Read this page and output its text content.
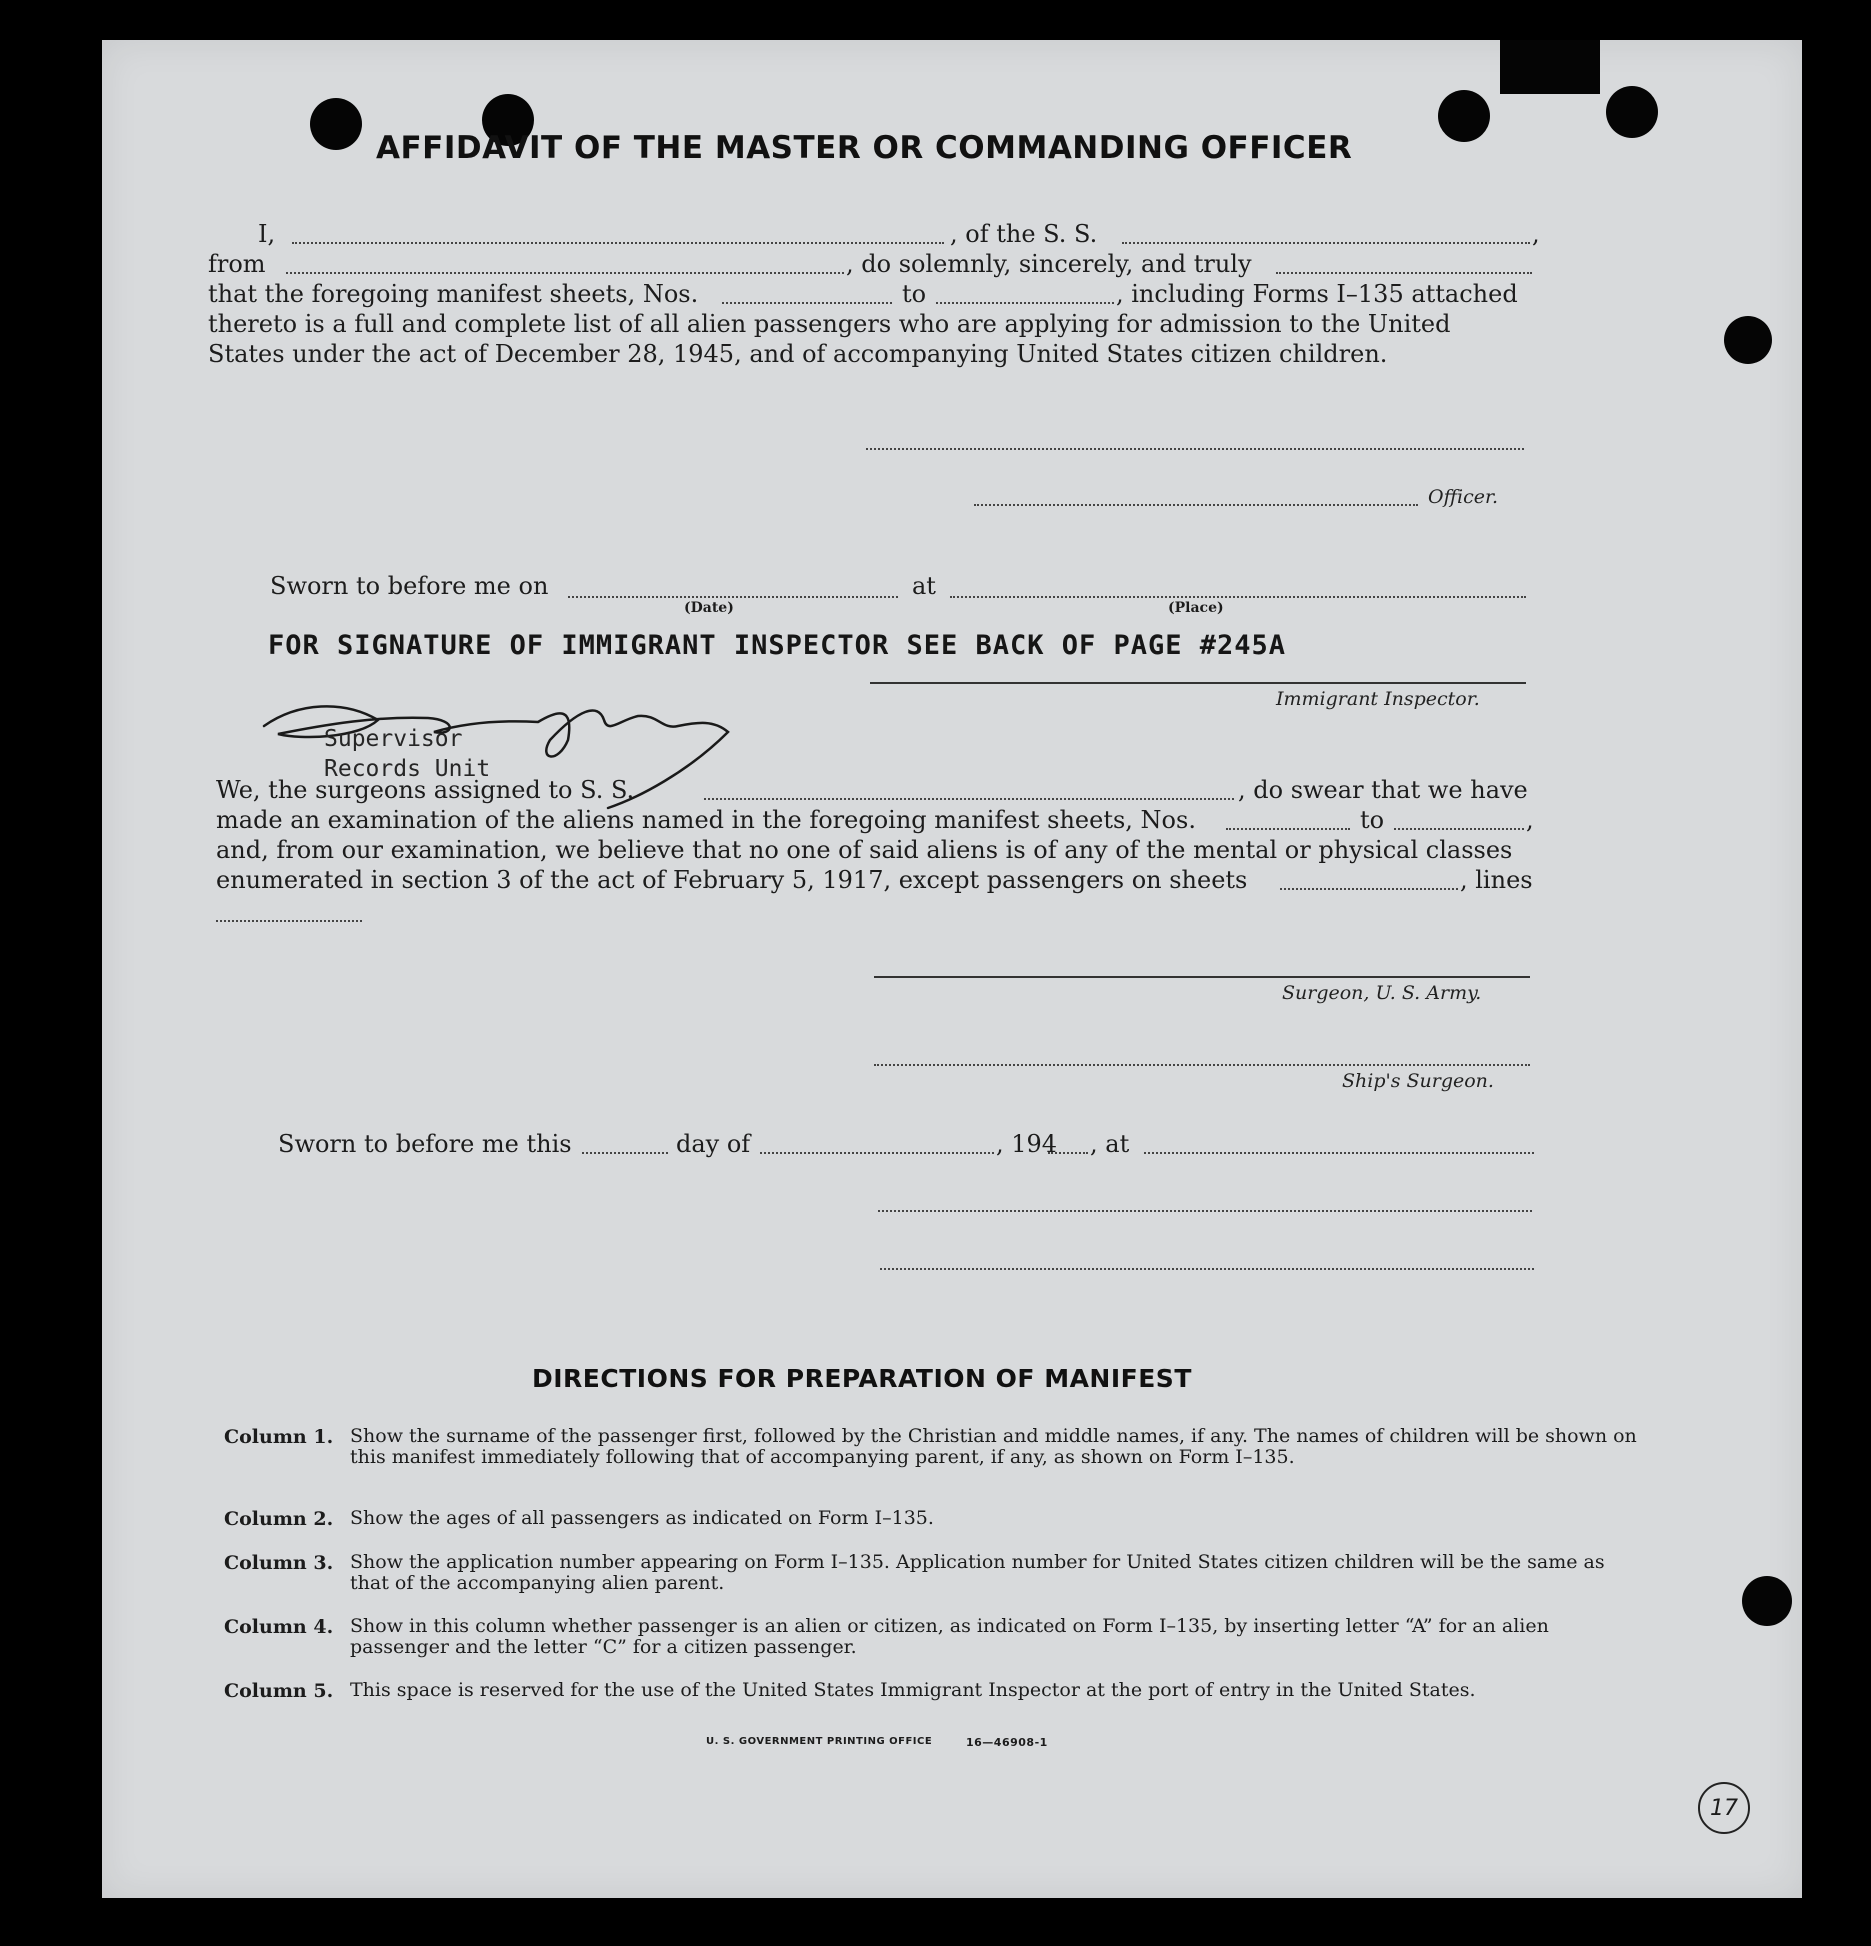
AFFIDAVIT OF THE MASTER OR COMMANDING OFFICER
I,	, of the S. S.	,
from	, do solemnly, sincerely, and truly
that the foregoing manifest sheets, Nos.	to	, including Forms I–135 attached
thereto is a full and complete list of all alien passengers who are applying for admission to the United
States under the act of December 28, 1945, and of accompanying United States citizen children.
Officer.
Sworn to before me on	at
(Date)	(Place)
FOR SIGNATURE OF IMMIGRANT INSPECTOR SEE BACK OF PAGE #245A
Immigrant Inspector.
Supervisor
Records Unit
We, the surgeons assigned to S. S.	, do swear that we have
made an examination of the aliens named in the foregoing manifest sheets, Nos.	to	,
and, from our examination, we believe that no one of said aliens is of any of the mental or physical classes
enumerated in section 3 of the act of February 5, 1917, except passengers on sheets	, lines
Surgeon, U. S. Army.
Ship's Surgeon.
Sworn to before me this	day of	, 194 , at
DIRECTIONS FOR PREPARATION OF MANIFEST
Column 1. Show the surname of the passenger first, followed by the Christian and middle names, if any. The names of children will be shown on this manifest immediately following that of accompanying parent, if any, as shown on Form I–135.
Column 2. Show the ages of all passengers as indicated on Form I–135.
Column 3. Show the application number appearing on Form I–135. Application number for United States citizen children will be the same as that of the accompanying alien parent.
Column 4. Show in this column whether passenger is an alien or citizen, as indicated on Form I–135, by inserting letter “A” for an alien passenger and the letter “C” for a citizen passenger.
Column 5. This space is reserved for the use of the United States Immigrant Inspector at the port of entry in the United States.
U. S. GOVERNMENT PRINTING OFFICE	16—46908-1
17
